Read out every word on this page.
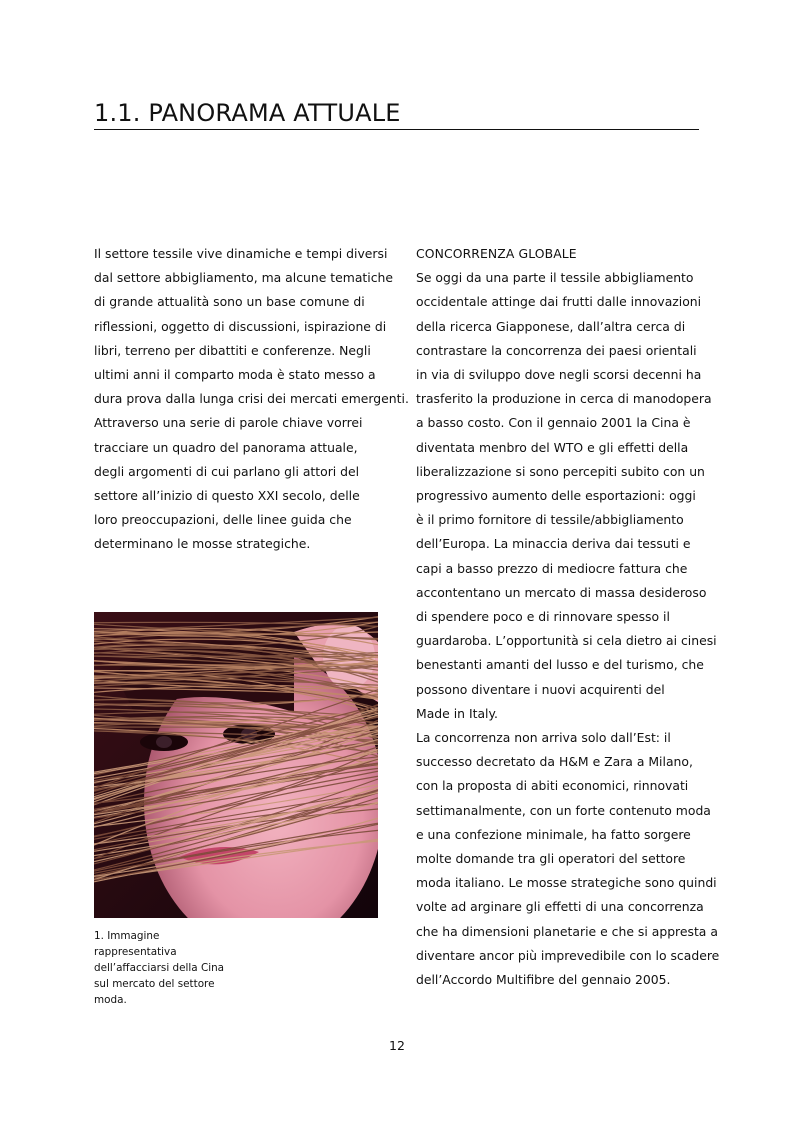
1.1. PANORAMA ATTUALE
Il settore tessile vive dinamiche e tempi diversi
dal settore abbigliamento, ma alcune tematiche
di grande attualità sono un base comune di
riflessioni, oggetto di discussioni, ispirazione di
libri, terreno per dibattiti e conferenze. Negli
ultimi anni il comparto moda è stato messo a
dura prova dalla lunga crisi dei mercati emergenti.
Attraverso una serie di parole chiave vorrei
tracciare un quadro del panorama attuale,
degli argomenti di cui parlano gli attori del
settore all’inizio di questo XXI secolo, delle
loro preoccupazioni, delle linee guida che
determinano le mosse strategiche.
CONCORRENZA GLOBALE
Se oggi da una parte il tessile abbigliamento
occidentale attinge dai frutti dalle innovazioni
della ricerca Giapponese, dall’altra cerca di
contrastare la concorrenza dei paesi orientali
in via di sviluppo dove negli scorsi decenni ha
trasferito la produzione in cerca di manodopera
a basso costo. Con il gennaio 2001 la Cina è
diventata menbro del WTO e gli effetti della
liberalizzazione si sono percepiti subito con un
progressivo aumento delle esportazioni: oggi
è il primo fornitore di tessile/abbigliamento
dell’Europa. La minaccia deriva dai tessuti e
capi a basso prezzo di mediocre fattura che
accontentano un mercato di massa desideroso
di spendere poco e di rinnovare spesso il
guardaroba. L’opportunità si cela dietro ai cinesi
benestanti amanti del lusso e del turismo, che
possono diventare i nuovi acquirenti del
Made in Italy.
La concorrenza non arriva solo dall’Est: il
successo decretato da H&M e Zara a Milano,
con la proposta di abiti economici, rinnovati
settimanalmente, con un forte contenuto moda
e una confezione minimale, ha fatto sorgere
molte domande tra gli operatori del settore
moda italiano. Le mosse strategiche sono quindi
volte ad arginare gli effetti di una concorrenza
che ha dimensioni planetarie e che si appresta a
diventare ancor più imprevedibile con lo scadere
dell’Accordo Multifibre del gennaio 2005.
1. Immagine
rappresentativa
dell’affacciarsi della Cina
sul mercato del settore
moda.
12
